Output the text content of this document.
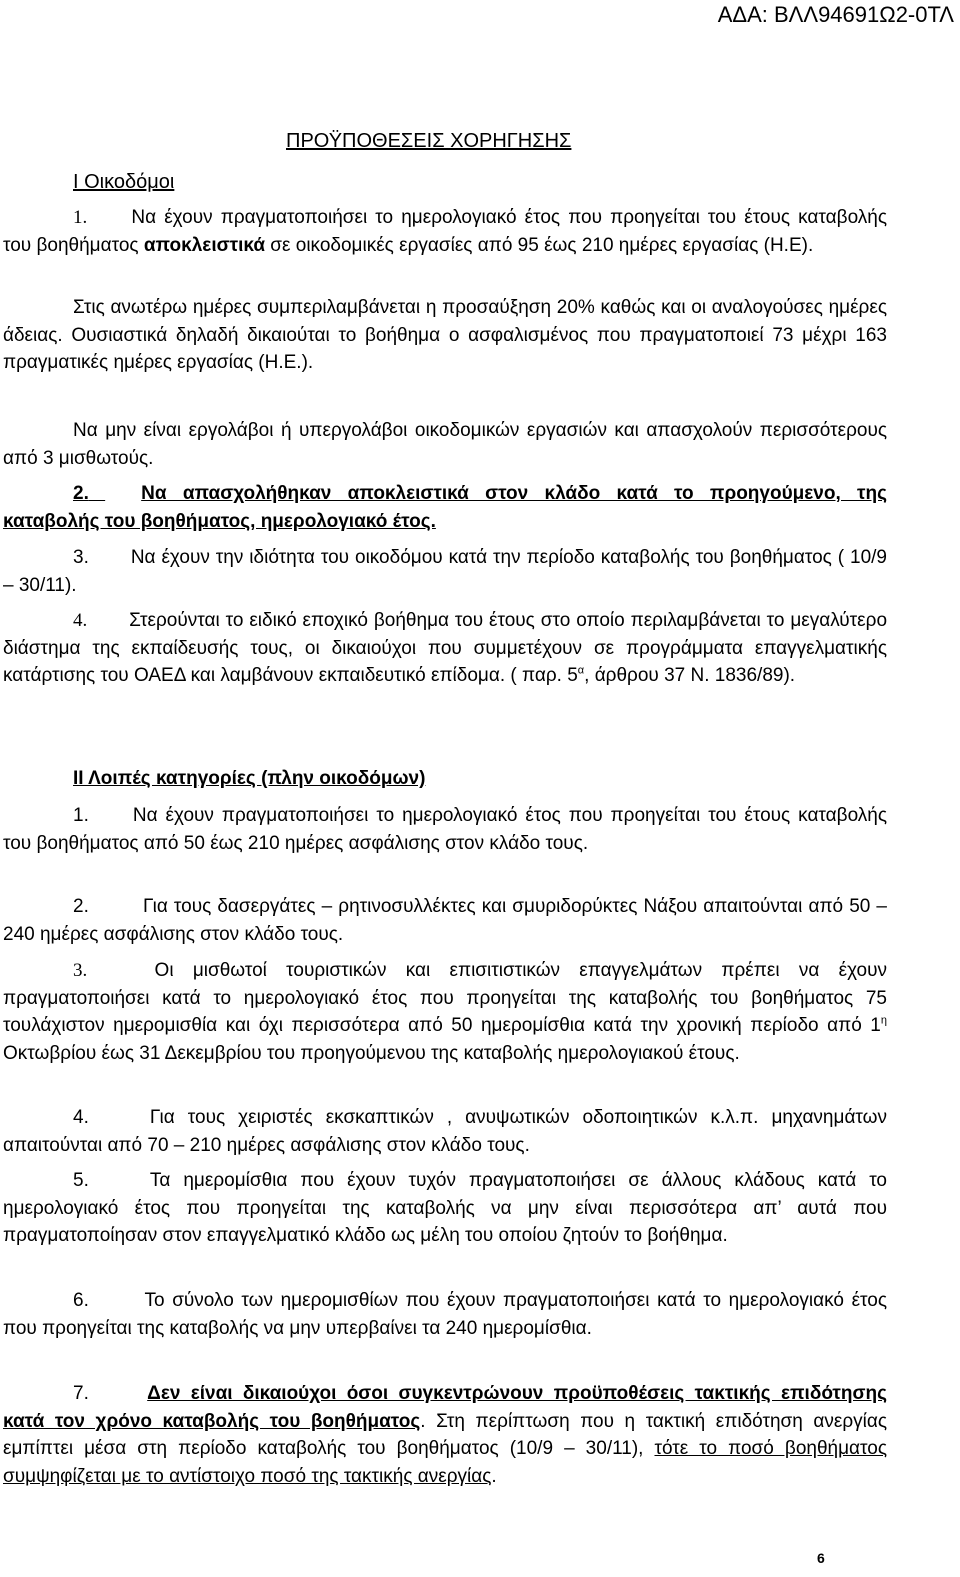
ΑΔΑ: ΒΛΛ94691Ω2-0ΤΛ
ΠΡΟΫΠΟΘΕΣΕΙΣ ΧΟΡΗΓΗΣΗΣ
Ι Οικοδόμοι
1. Να έχουν πραγματοποιήσει το ημερολογιακό έτος που προηγείται του έτους καταβολής του βοηθήματος αποκλειστικά σε οικοδομικές εργασίες από 95 έως 210 ημέρες εργασίας (Η.Ε).
Στις ανωτέρω ημέρες συμπεριλαμβάνεται η προσαύξηση 20% καθώς και οι αναλογούσες ημέρες άδειας. Ουσιαστικά δηλαδή δικαιούται το βοήθημα ο ασφαλισμένος που πραγματοποιεί 73 μέχρι 163 πραγματικές ημέρες εργασίας (Η.Ε.).
Να μην είναι εργολάβοι ή υπεργολάβοι οικοδομικών εργασιών και απασχολούν περισσότερους από 3 μισθωτούς.
2.	Να απασχολήθηκαν αποκλειστικά στον κλάδο κατά το προηγούμενο, της καταβολής του βοηθήματος, ημερολογιακό έτος.
3. Να έχουν την ιδιότητα του οικοδόμου κατά την περίοδο καταβολής του βοηθήματος ( 10/9 – 30/11).
4. Στερούνται το ειδικό εποχικό βοήθημα του έτους στο οποίο περιλαμβάνεται το μεγαλύτερο διάστημα της εκπαίδευσής τους, οι δικαιούχοι που συμμετέχουν σε προγράμματα επαγγελματικής κατάρτισης του ΟΑΕΔ και λαμβάνουν εκπαιδευτικό επίδομα. ( παρ. $5^\alpha$, άρθρου 37 Ν. 1836/89).
ΙΙ Λοιπές κατηγορίες (πλην οικοδόμων)
1. Να έχουν πραγματοποιήσει το ημερολογιακό έτος που προηγείται του έτους καταβολής του βοηθήματος από 50 έως 210 ημέρες ασφάλισης στον κλάδο τους.
2.	Για τους δασεργάτες – ρητινοσυλλέκτες και σμυριδορύκτες Νάξου απαιτούνται από 50 – 240 ημέρες ασφάλισης στον κλάδο τους.
3.	Οι μισθωτοί τουριστικών και επισιτιστικών επαγγελμάτων πρέπει να έχουν πραγματοποιήσει κατά το ημερολογιακό έτος που προηγείται της καταβολής του βοηθήματος 75 τουλάχιστον ημερομισθία και όχι περισσότερα από 50 ημερομίσθια κατά την χρονική περίοδο από $1^\eta$ Οκτωβρίου έως 31 Δεκεμβρίου του προηγούμενου της καταβολής ημερολογιακού έτους.
4.	Για τους χειριστές εκσκαπτικών , ανυψωτικών οδοποιητικών κ.λ.π. μηχανημάτων απαιτούνται από 70 – 210 ημέρες ασφάλισης στον κλάδο τους.
5.	Τα ημερομίσθια που έχουν τυχόν πραγματοποιήσει σε άλλους κλάδους κατά το ημερολογιακό έτος που προηγείται της καταβολής να μην είναι περισσότερα απ’ αυτά που πραγματοποίησαν στον επαγγελματικό κλάδο ως μέλη του οποίου ζητούν το βοήθημα.
6.	Το σύνολο των ημερομισθίων που έχουν πραγματοποιήσει κατά το ημερολογιακό έτος που προηγείται της καταβολής να μην υπερβαίνει τα 240 ημερομίσθια.
7.	Δεν είναι δικαιούχοι όσοι συγκεντρώνουν προϋποθέσεις τακτικής επιδότησης κατά τον χρόνο καταβολής του βοηθήματος. Στη περίπτωση που η τακτική επιδότηση ανεργίας εμπίπτει μέσα στη περίοδο καταβολής του βοηθήματος (10/9 – 30/11), τότε το ποσό βοηθήματος συμψηφίζεται με το αντίστοιχο ποσό της τακτικής ανεργίας.
6
